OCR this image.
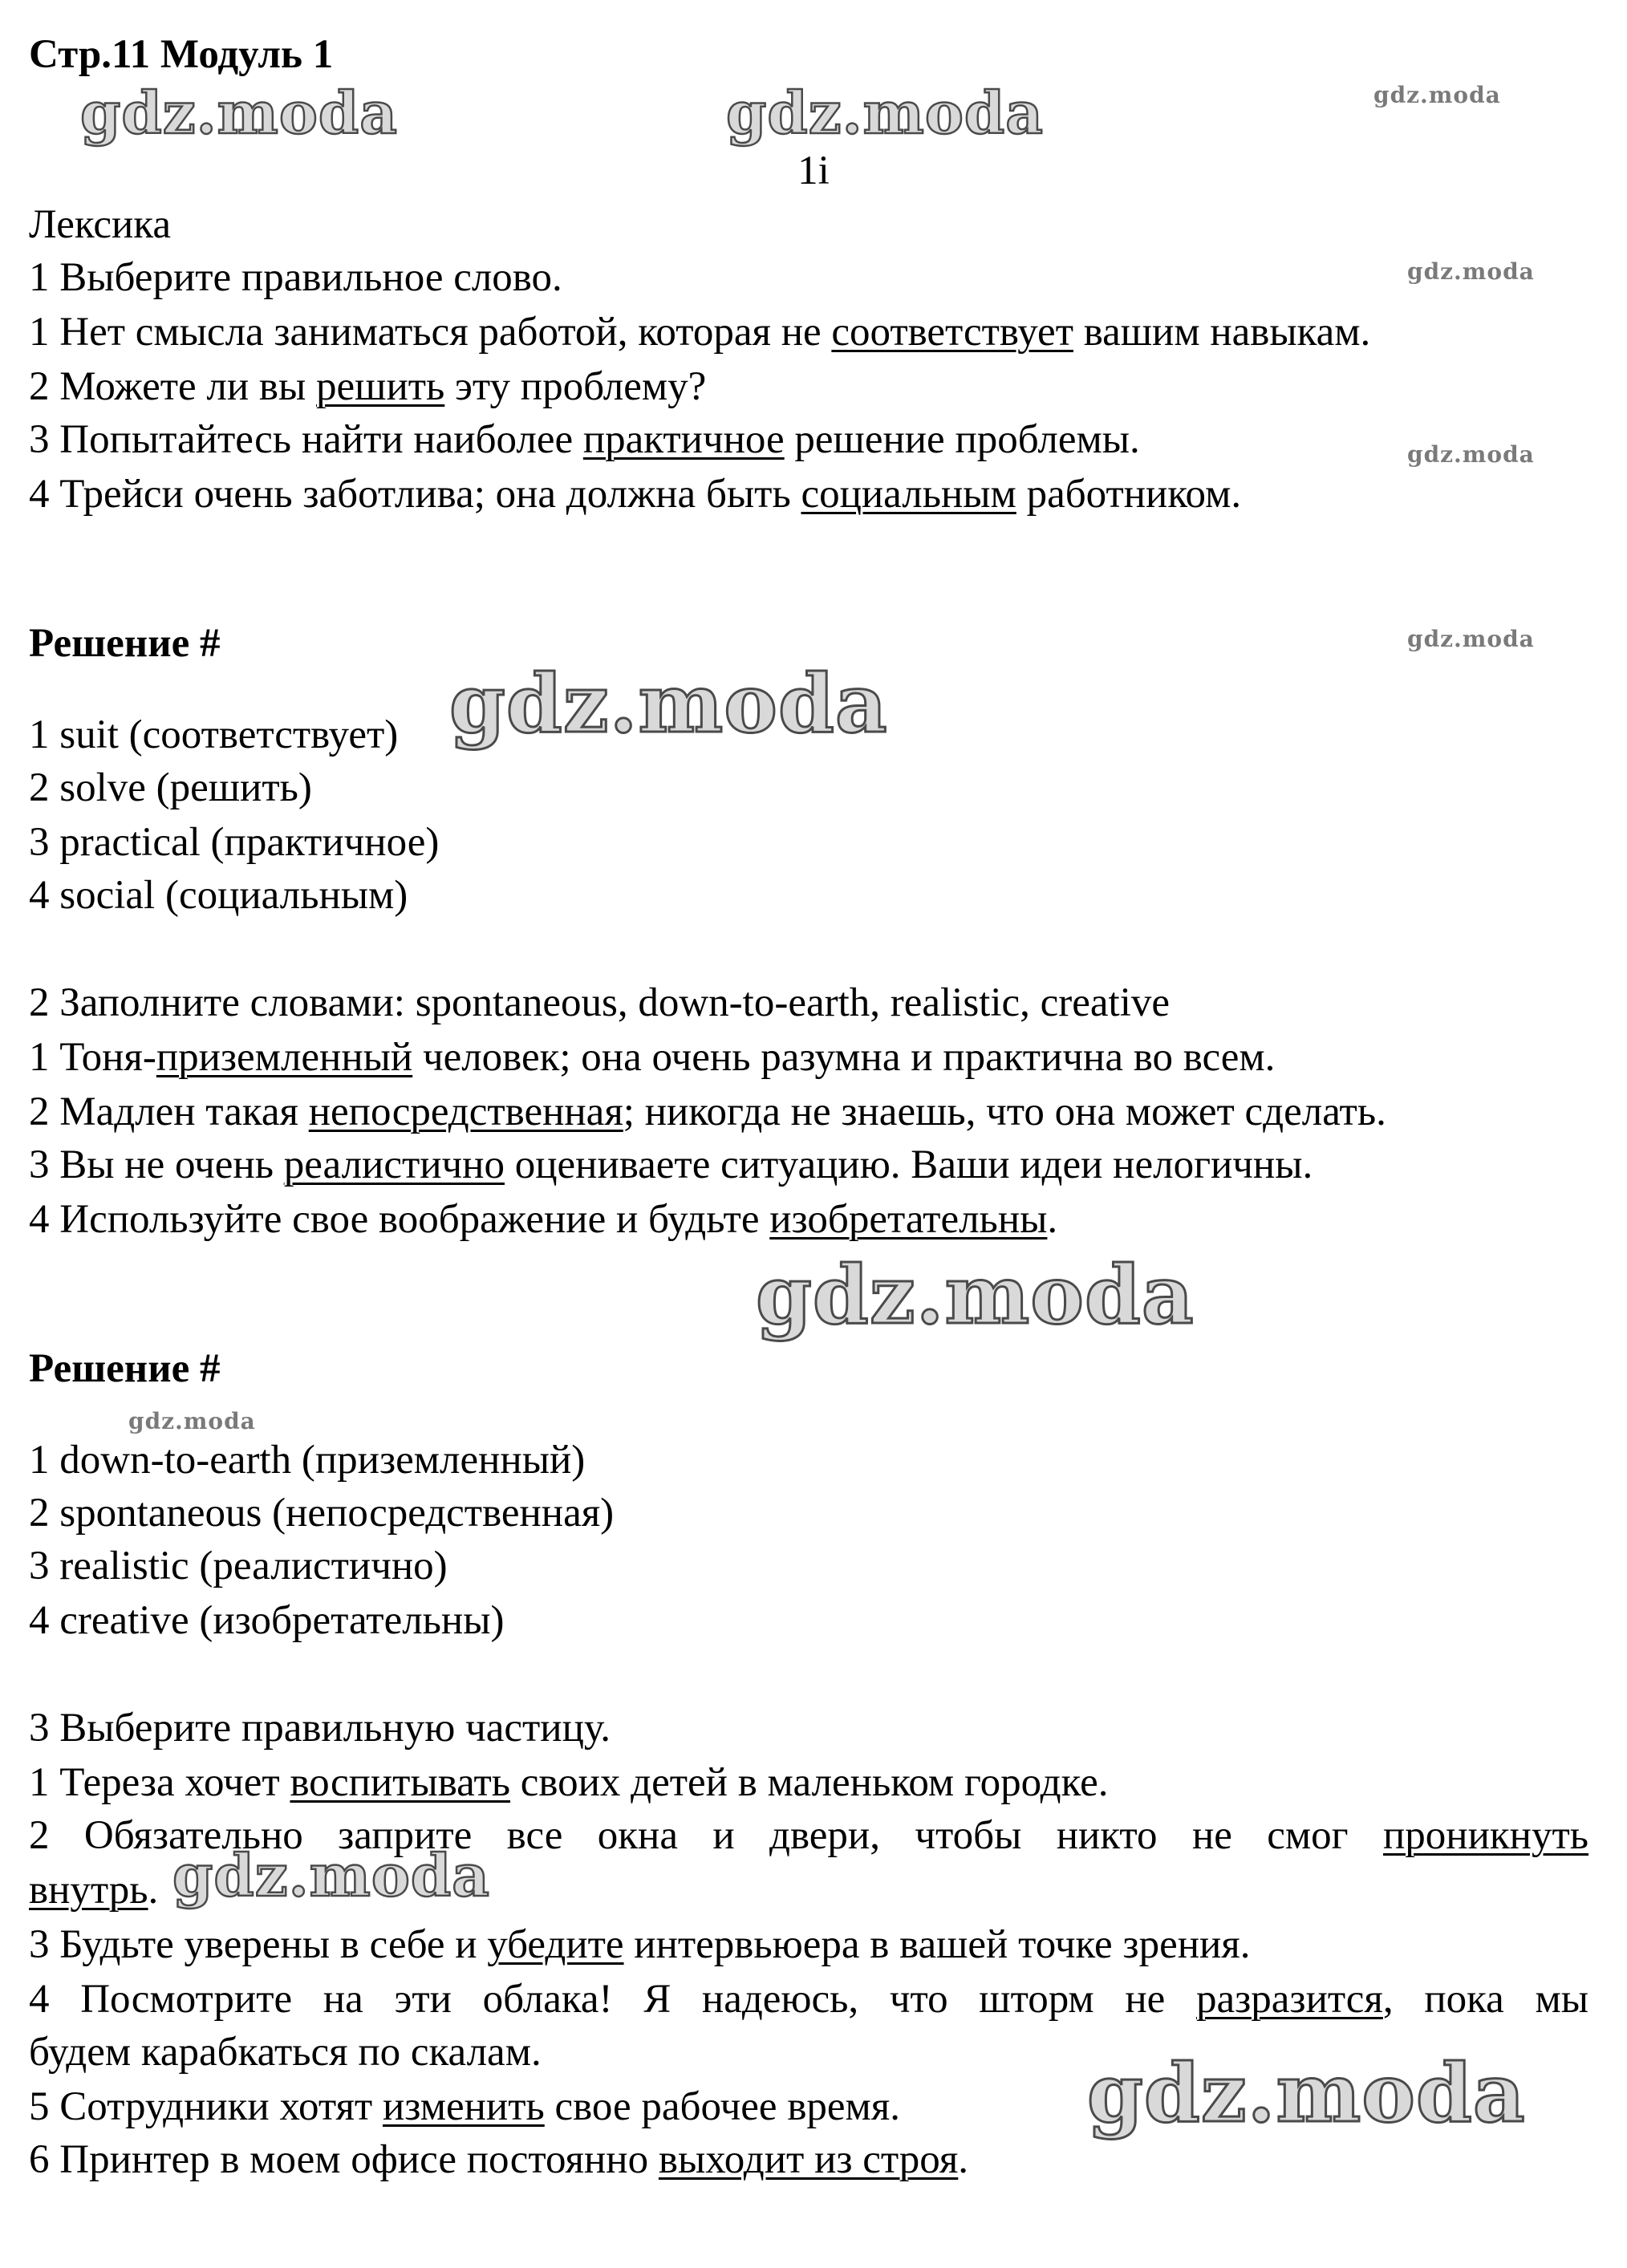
Стр.11 Модуль 1
1i
gdz.moda	gdz.moda	gdz.moda
gdz.moda
gdz.moda
gdz.moda
gdz.moda
gdz.moda
gdz.moda
gdz.moda
gdz.moda
Лексика
1 Выберите правильное слово.
1 Нет смысла заниматься работой, которая не соответствует вашим навыкам.
2 Можете ли вы решить эту проблему?
3 Попытайтесь найти наиболее практичное решение проблемы.
4 Трейси очень заботлива; она должна быть социальным работником.
Решение #
1 suit (соответствует)
2 solve (решить)
3 practical (практичное)
4 social (социальным)
2 Заполните словами: spontaneous, down-to-earth, realistic, creative
1 Тоня-приземленный человек; она очень разумна и практична во всем.
2 Мадлен такая непосредственная; никогда не знаешь, что она может сделать.
3 Вы не очень реалистично оцениваете ситуацию. Ваши идеи нелогичны.
4 Используйте свое воображение и будьте изобретательны.
Решение #
1 down-to-earth (приземленный)
2 spontaneous (непосредственная)
3 realistic (реалистично)
4 creative (изобретательны)
3 Выберите правильную частицу.
1 Тереза хочет воспитывать своих детей в маленьком городке.
2 Обязательно заприте все окна и двери, чтобы никто не смог проникнуть
внутрь.
3 Будьте уверены в себе и убедите интервьюера в вашей точке зрения.
4 Посмотрите на эти облака! Я надеюсь, что шторм не разразится, пока мы
будем карабкаться по скалам.
5 Сотрудники хотят изменить свое рабочее время.
6 Принтер в моем офисе постоянно выходит из строя.
